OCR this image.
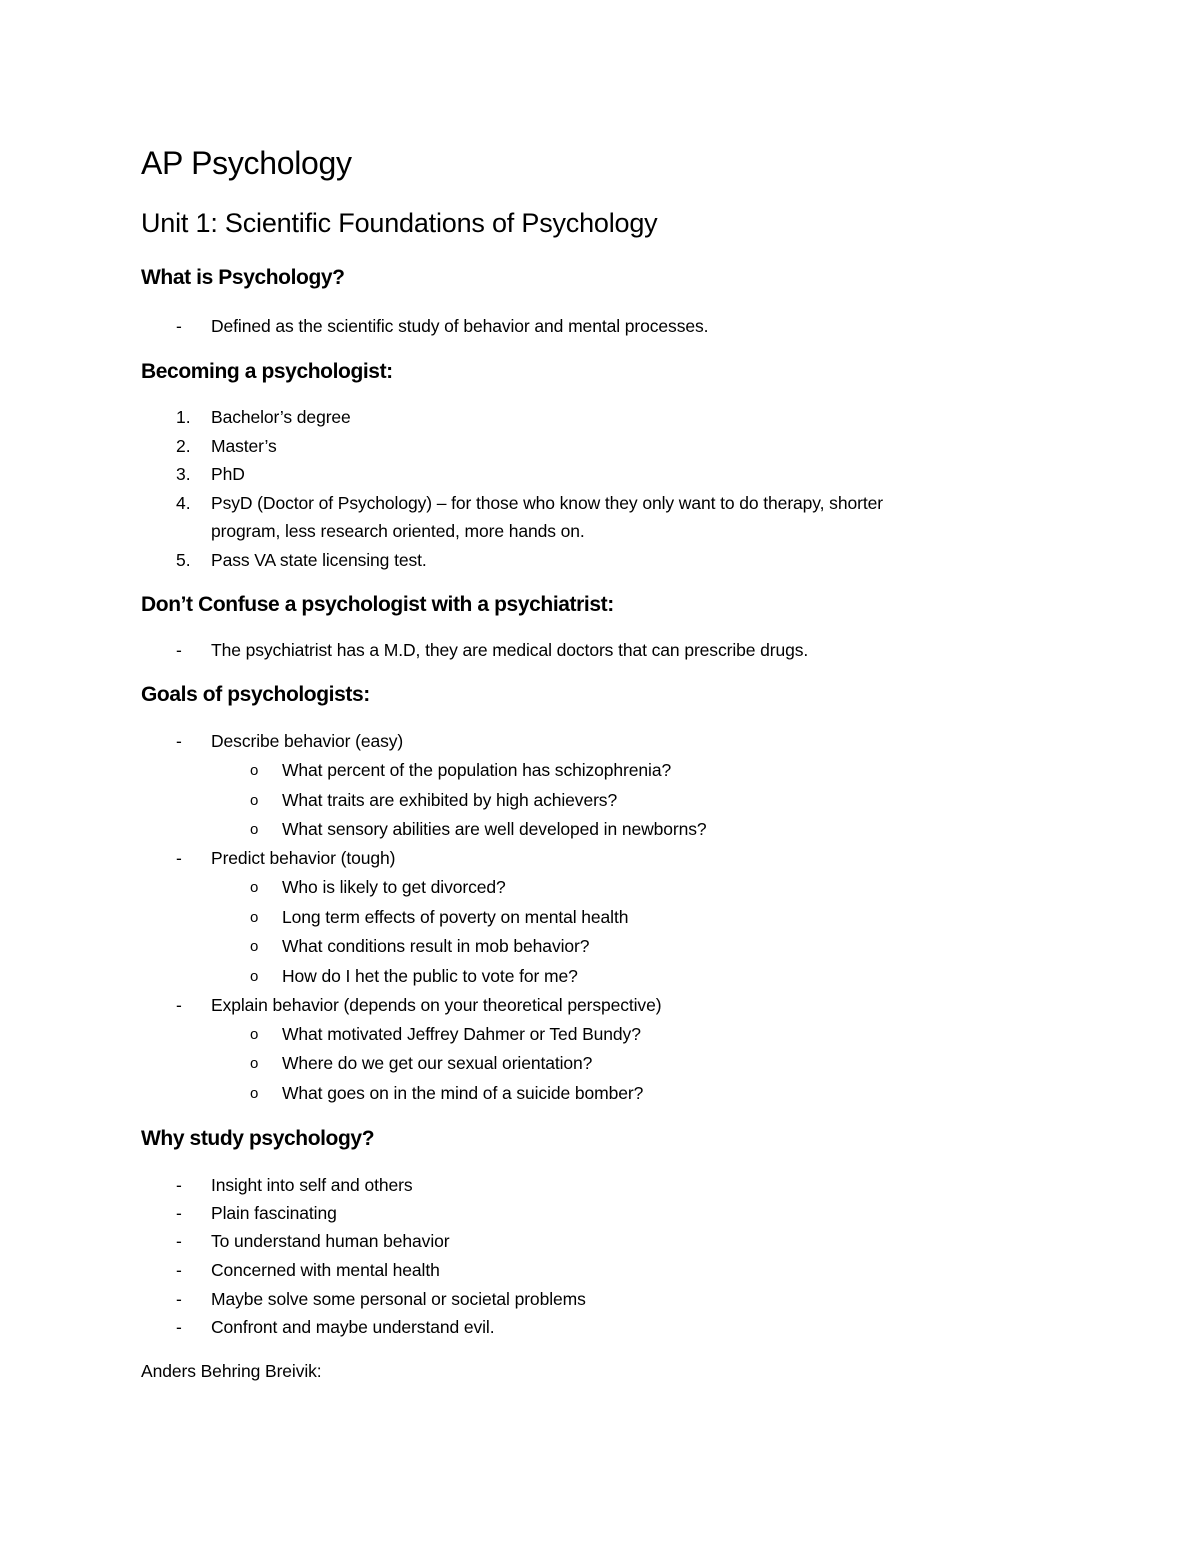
AP Psychology
Unit 1: Scientific Foundations of Psychology
What is Psychology?
- Defined as the scientific study of behavior and mental processes.
Becoming a psychologist:
1. Bachelor’s degree
2. Master’s
3. PhD
4. PsyD (Doctor of Psychology) – for those who know they only want to do therapy, shorter
program, less research oriented, more hands on.
5. Pass VA state licensing test.
Don’t Confuse a psychologist with a psychiatrist:
- The psychiatrist has a M.D, they are medical doctors that can prescribe drugs.
Goals of psychologists:
- Describe behavior (easy)
o What percent of the population has schizophrenia?
o What traits are exhibited by high achievers?
o What sensory abilities are well developed in newborns?
- Predict behavior (tough)
o Who is likely to get divorced?
o Long term effects of poverty on mental health
o What conditions result in mob behavior?
o How do I het the public to vote for me?
- Explain behavior (depends on your theoretical perspective)
o What motivated Jeffrey Dahmer or Ted Bundy?
o Where do we get our sexual orientation?
o What goes on in the mind of a suicide bomber?
Why study psychology?
- Insight into self and others
- Plain fascinating
- To understand human behavior
- Concerned with mental health
- Maybe solve some personal or societal problems
- Confront and maybe understand evil.
Anders Behring Breivik:
